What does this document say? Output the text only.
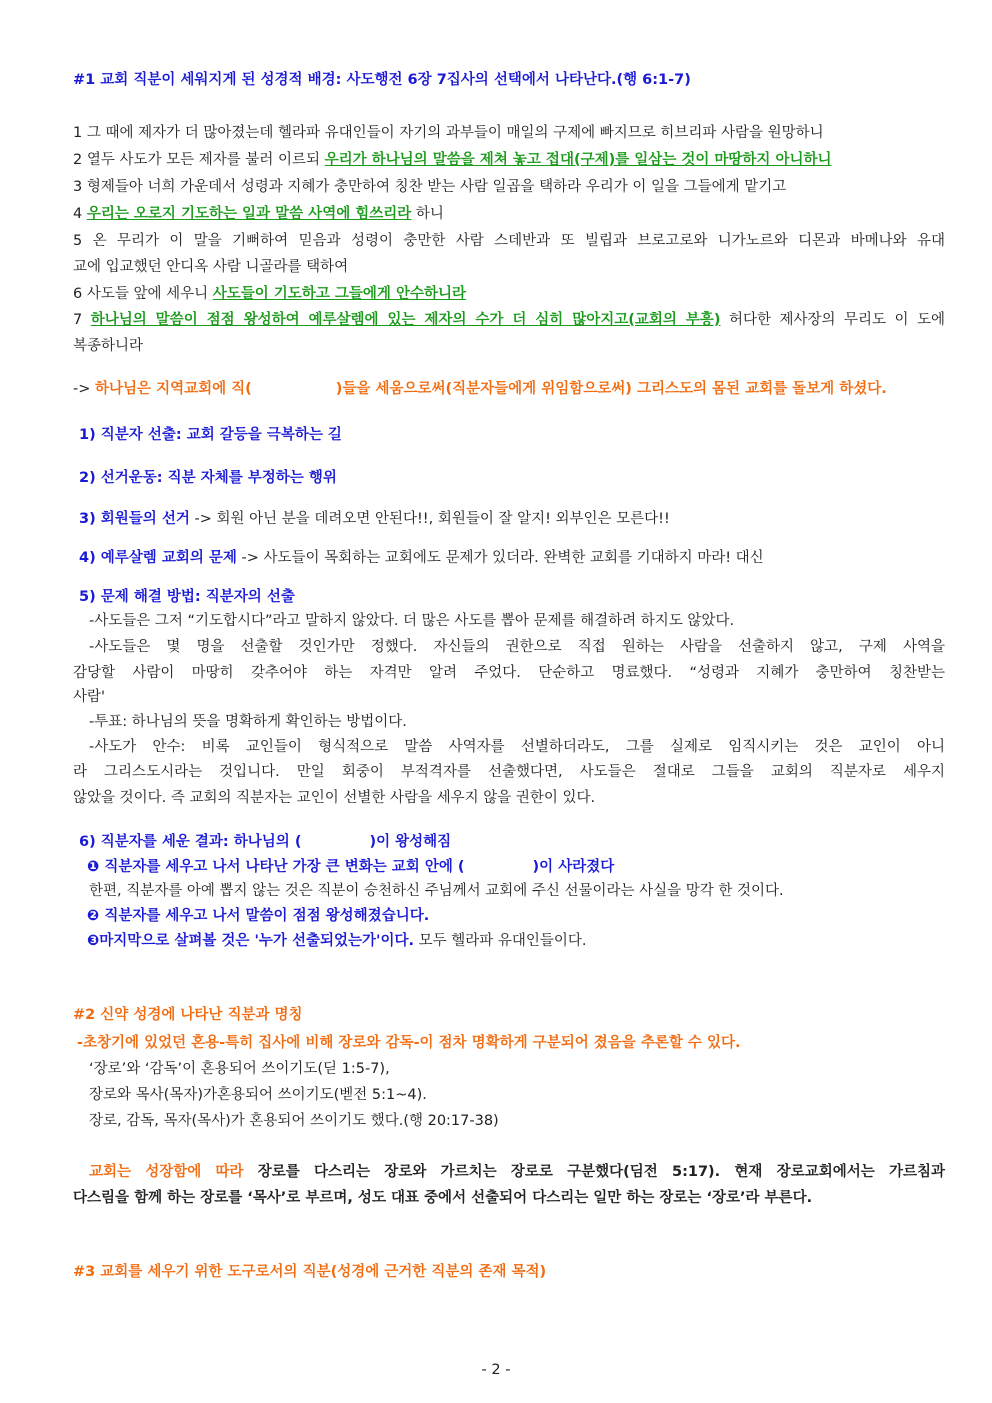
#1 교회 직분이 세워지게 된 성경적 배경: 사도행전 6장 7집사의 선택에서 나타난다.(행 6:1-7)
1 그 때에 제자가 더 많아졌는데 헬라파 유대인들이 자기의 과부들이 매일의 구제에 빠지므로 히브리파 사람을 원망하니
2 열두 사도가 모든 제자를 불러 이르되 우리가 하나님의 말씀을 제쳐 놓고 접대(구제)를 일삼는 것이 마땅하지 아니하니
3 형제들아 너희 가운데서 성령과 지혜가 충만하여 칭찬 받는 사람 일곱을 택하라 우리가 이 일을 그들에게 맡기고
4 우리는 오로지 기도하는 일과 말씀 사역에 힘쓰리라 하니
5 온 무리가 이 말을 기뻐하여 믿음과 성령이 충만한 사람 스데반과 또 빌립과 브로고로와 니가노르와 디몬과 바메나와 유대
교에 입교했던 안디옥 사람 니골라를 택하여
6 사도들 앞에 세우니 사도들이 기도하고 그들에게 안수하니라
7 하나님의 말씀이 점점 왕성하여 예루살렘에 있는 제자의 수가 더 심히 많아지고(교회의 부흥) 허다한 제사장의 무리도 이 도에
복종하니라
-> 하나님은 지역교회에 직(	)들을 세움으로써(직분자들에게 위임함으로써) 그리스도의 몸된 교회를 돌보게 하셨다.
1) 직분자 선출: 교회 갈등을 극복하는 길
2) 선거운동: 직분 자체를 부정하는 행위
3) 회원들의 선거 -> 회원 아닌 분을 데려오면 안된다!!, 회원들이 잘 알지! 외부인은 모른다!!
4) 예루살렘 교회의 문제 -> 사도들이 목회하는 교회에도 문제가 있더라. 완벽한 교회를 기대하지 마라! 대신
5) 문제 해결 방법: 직분자의 선출
-사도들은 그저 “기도합시다”라고 말하지 않았다. 더 많은 사도를 뽑아 문제를 해결하려 하지도 않았다.
-사도들은 몇 명을 선출할 것인가만 정했다. 자신들의 권한으로 직접 원하는 사람을 선출하지 않고, 구제 사역을
감당할 사람이 마땅히 갖추어야 하는 자격만 알려 주었다. 단순하고 명료했다. “성령과 지혜가 충만하여 칭찬받는
사람'
-투표: 하나님의 뜻을 명확하게 확인하는 방법이다.
-사도가 안수: 비록 교인들이 형식적으로 말씀 사역자를 선별하더라도, 그를 실제로 임직시키는 것은 교인이 아니
라 그리스도시라는 것입니다. 만일 회중이 부적격자를 선출했다면, 사도들은 절대로 그들을 교회의 직분자로 세우지
않았을 것이다. 즉 교회의 직분자는 교인이 선별한 사람을 세우지 않을 권한이 있다.
6) 직분자를 세운 결과: 하나님의 (	)이 왕성해짐
❶ 직분자를 세우고 나서 나타난 가장 큰 변화는 교회 안에 (	)이 사라졌다
한편, 직분자를 아예 뽑지 않는 것은 직분이 승천하신 주님께서 교회에 주신 선물이라는 사실을 망각 한 것이다.
❷ 직분자를 세우고 나서 말씀이 점점 왕성해졌습니다.
❸마지막으로 살펴볼 것은 '누가 선출되었는가'이다. 모두 헬라파 유대인들이다.
#2 신약 성경에 나타난 직분과 명칭
-초창기에 있었던 혼용-특히 집사에 비해 장로와 감독-이 점차 명확하게 구분되어 졌음을 추론할 수 있다.
‘장로’와 ‘감독’이 혼용되어 쓰이기도(딛 1:5-7),
장로와 목사(목자)가혼용되어 쓰이기도(벧전 5:1~4).
장로, 감독, 목자(목사)가 혼용되어 쓰이기도 했다.(행 20:17-38)
교회는 성장함에 따라 장로를 다스리는 장로와 가르치는 장로로 구분했다(딤전 5:17). 현재 장로교회에서는 가르침과
다스림을 함께 하는 장로를 ‘목사’로 부르며, 성도 대표 중에서 선출되어 다스리는 일만 하는 장로는 ‘장로’라 부른다.
#3 교회를 세우기 위한 도구로서의 직분(성경에 근거한 직분의 존재 목적)
- 2 -
